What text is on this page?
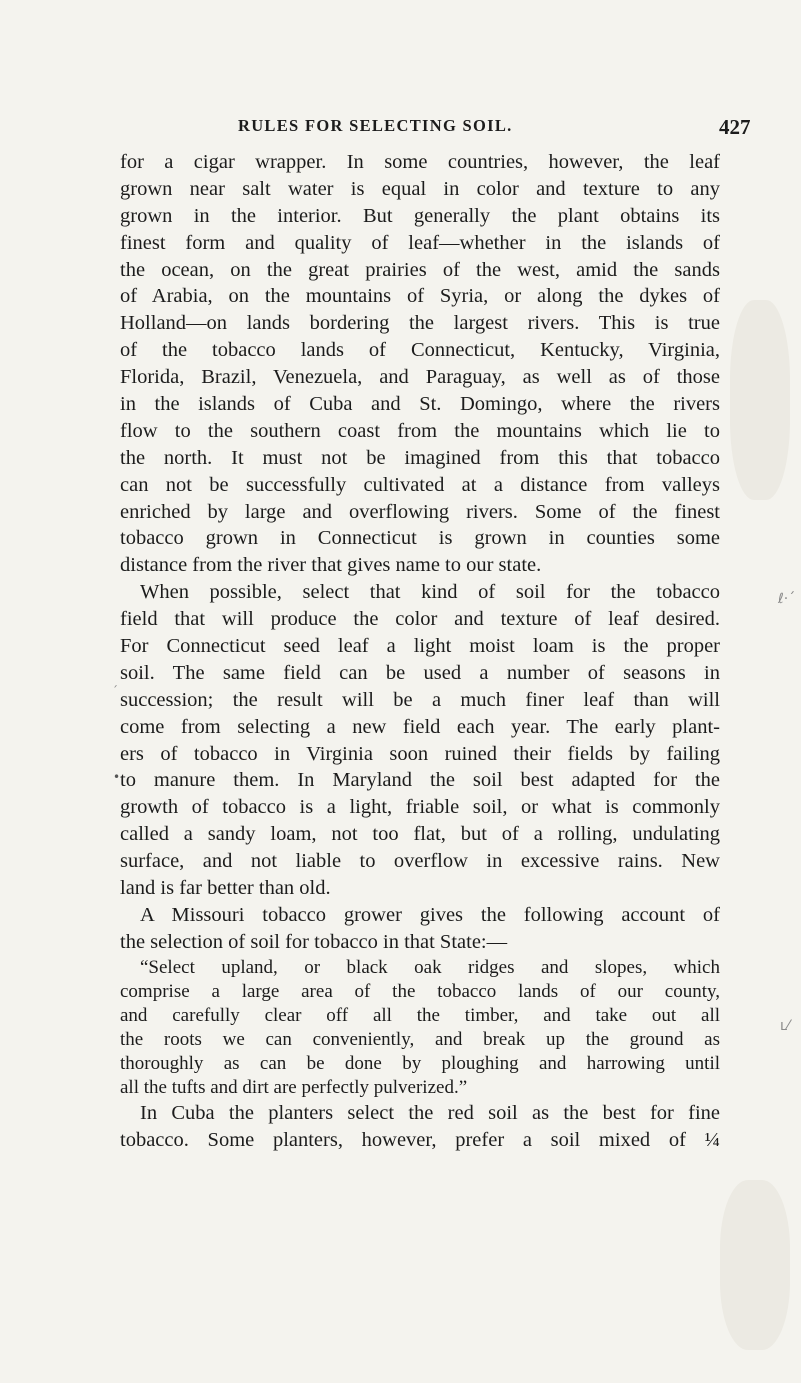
RULES FOR SELECTING SOIL.	427
for a cigar wrapper. In some countries, however, the leaf
grown near salt water is equal in color and texture to any
grown in the interior. But generally the plant obtains its
finest form and quality of leaf—whether in the islands of
the ocean, on the great prairies of the west, amid the sands
of Arabia, on the mountains of Syria, or along the dykes of
Holland—on lands bordering the largest rivers. This is true
of the tobacco lands of Connecticut, Kentucky, Virginia,
Florida, Brazil, Venezuela, and Paraguay, as well as of those
in the islands of Cuba and St. Domingo, where the rivers
flow to the southern coast from the mountains which lie to
the north. It must not be imagined from this that tobacco
can not be successfully cultivated at a distance from valleys
enriched by large and overflowing rivers. Some of the finest
tobacco grown in Connecticut is grown in counties some
distance from the river that gives name to our state.
When possible, select that kind of soil for the tobacco
field that will produce the color and texture of leaf desired.
For Connecticut seed leaf a light moist loam is the proper
soil. The same field can be used a number of seasons in
succession; the result will be a much finer leaf than will
come from selecting a new field each year. The early plant-
ers of tobacco in Virginia soon ruined their fields by failing
to manure them. In Maryland the soil best adapted for the
growth of tobacco is a light, friable soil, or what is commonly
called a sandy loam, not too flat, but of a rolling, undulating
surface, and not liable to overflow in excessive rains. New
land is far better than old.
A Missouri tobacco grower gives the following account of
the selection of soil for tobacco in that State:—
“Select upland, or black oak ridges and slopes, which
comprise a large area of the tobacco lands of our county,
and carefully clear off all the timber, and take out all
the roots we can conveniently, and break up the ground as
thoroughly as can be done by ploughing and harrowing until
all the tufts and dirt are perfectly pulverized.”
In Cuba the planters select the red soil as the best for fine
tobacco. Some planters, however, prefer a soil mixed of ¼
ℓ·ˊ
ˊ
•
ʟ⁄
